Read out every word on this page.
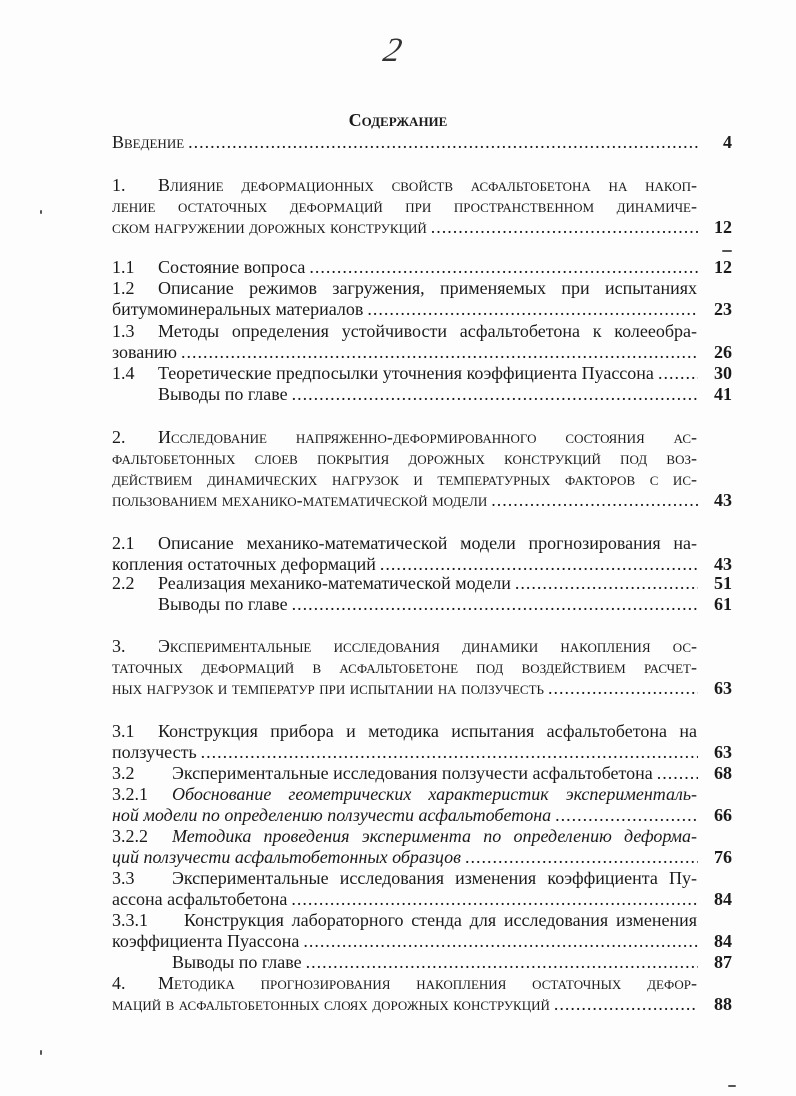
2
Содержание
Введение .....	4
1. Влияние деформационных свойств асфальтобетона на накоп-
ление остаточных деформаций при пространственном динамиче-
ском нагружении дорожных конструкций .....	12
1.1 Состояние вопроса .....	12
1.2 Описание режимов загружения, применяемых при испытаниях
битумоминеральных материалов .....	23
1.3 Методы определения устойчивости асфальтобетона к колееобра-
зованию .....	26
1.4 Теоретические предпосылки уточнения коэффициента Пуассона .....	30
Выводы по главе .....	41
2. Исследование напряженно-деформированного состояния ас-
фальтобетонных слоев покрытия дорожных конструкций под воз-
действием динамических нагрузок и температурных факторов с ис-
пользованием механико-математической модели .....	43
2.1 Описание механико-математической модели прогнозирования на-
копления остаточных деформаций .....	43
2.2 Реализация механико-математической модели .....	51
Выводы по главе .....	61
3. Экспериментальные исследования динамики накопления ос-
таточных деформаций в асфальтобетоне под воздействием расчет-
ных нагрузок и температур при испытании на ползучесть .....	63
3.1 Конструкция прибора и методика испытания асфальтобетона на
ползучесть .....	63
3.2 Экспериментальные исследования ползучести асфальтобетона .....	68
3.2.1 Обоснование геометрических характеристик эксперименталь-
ной модели по определению ползучести асфальтобетона .....	66
3.2.2 Методика проведения эксперимента по определению деформа-
ций ползучести асфальтобетонных образцов .....	76
3.3 Экспериментальные исследования изменения коэффициента Пу-
ассона асфальтобетона .....	84
3.3.1 Конструкция лабораторного стенда для исследования изменения
коэффициента Пуассона .....	84
Выводы по главе .....	87
4. Методика прогнозирования накопления остаточных дефор-
маций в асфальтобетонных слоях дорожных конструкций .....	88
